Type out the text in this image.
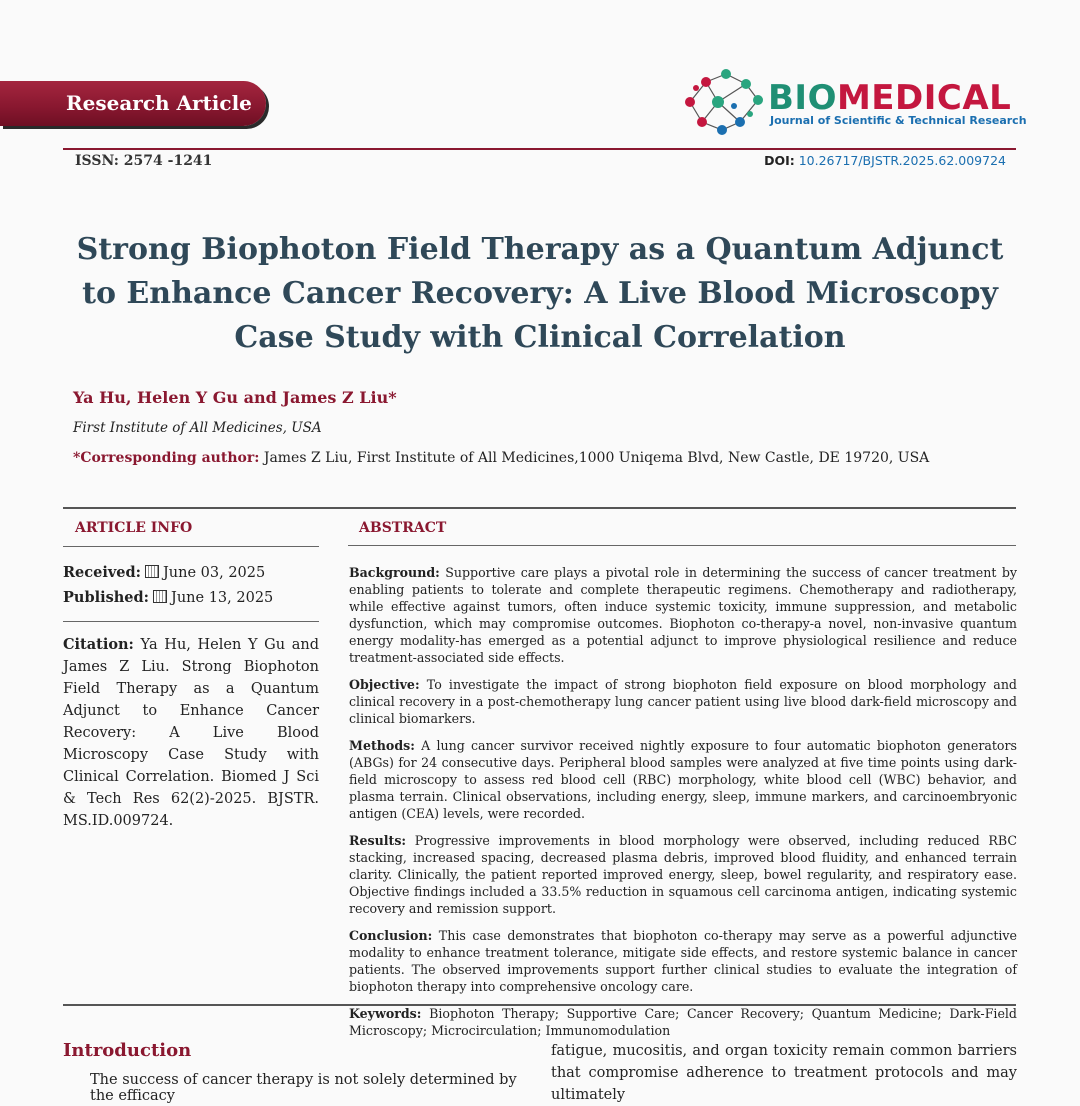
Research Article	BIOMEDICAL
Journal of Scientific & Technical Research
ISSN: 2574 -1241	DOI: 10.26717/BJSTR.2025.62.009724
Strong Biophoton Field Therapy as a Quantum Adjunct to Enhance Cancer Recovery: A Live Blood Microscopy Case Study with Clinical Correlation
Ya Hu, Helen Y Gu and James Z Liu*
First Institute of All Medicines, USA
*Corresponding author: James Z Liu, First Institute of All Medicines,1000 Uniqema Blvd, New Castle, DE 19720, USA
ARTICLE INFO
Received: June 03, 2025
Published: June 13, 2025
Citation: Ya Hu, Helen Y Gu and James Z Liu. Strong Biophoton Field Therapy as a Quantum Adjunct to Enhance Cancer Recovery: A Live Blood Microscopy Case Study with Clinical Correlation. Biomed J Sci & Tech Res 62(2)-2025. BJSTR. MS.ID.009724.
ABSTRACT

Background: Supportive care plays a pivotal role in determining the success of cancer treatment by enabling patients to tolerate and complete therapeutic regimens. Chemotherapy and radiotherapy, while effective against tumors, often induce systemic toxicity, immune suppression, and metabolic dysfunction, which may compromise outcomes. Biophoton co-therapy-a novel, non-invasive quantum energy modality-has emerged as a potential adjunct to improve physiological resilience and reduce treatment-associated side effects.

Objective: To investigate the impact of strong biophoton field exposure on blood morphology and clinical recovery in a post-chemotherapy lung cancer patient using live blood dark-field microscopy and clinical biomarkers.

Methods: A lung cancer survivor received nightly exposure to four automatic biophoton generators (ABGs) for 24 consecutive days. Peripheral blood samples were analyzed at five time points using dark-field microscopy to assess red blood cell (RBC) morphology, white blood cell (WBC) behavior, and plasma terrain. Clinical observations, including energy, sleep, immune markers, and carcinoembryonic antigen (CEA) levels, were recorded.

Results: Progressive improvements in blood morphology were observed, including reduced RBC stacking, increased spacing, decreased plasma debris, improved blood fluidity, and enhanced terrain clarity. Clinically, the patient reported improved energy, sleep, bowel regularity, and respiratory ease. Objective findings included a 33.5% reduction in squamous cell carcinoma antigen, indicating systemic recovery and remission support.

Conclusion: This case demonstrates that biophoton co-therapy may serve as a powerful adjunctive modality to enhance treatment tolerance, mitigate side effects, and restore systemic balance in cancer patients. The observed improvements support further clinical studies to evaluate the integration of biophoton therapy into comprehensive oncology care.

Keywords: Biophoton Therapy; Supportive Care; Cancer Recovery; Quantum Medicine; Dark-Field Microscopy; Microcirculation; Immunomodulation

Introduction
The success of cancer therapy is not solely determined by the efficacy
fatigue, mucositis, and organ toxicity remain common barriers that compromise adherence to treatment protocols and may ultimately
